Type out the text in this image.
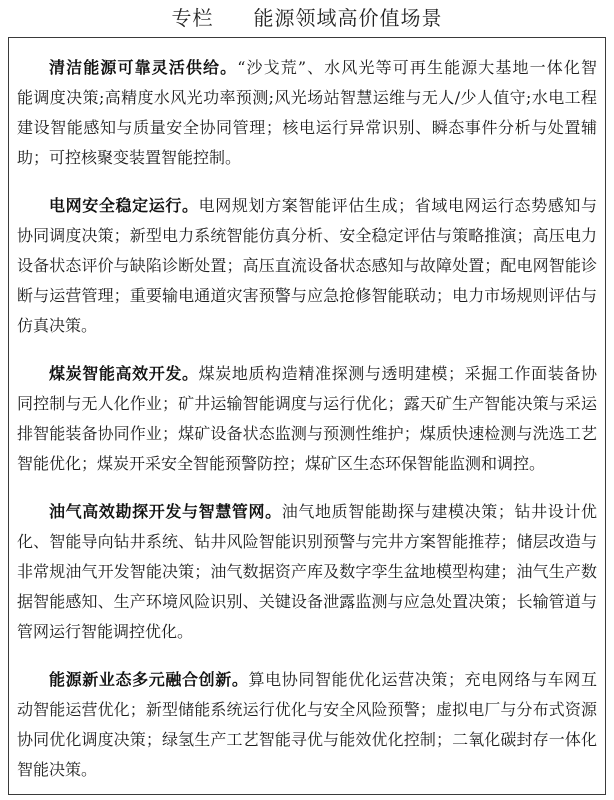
专栏 能源领域高价值场景
清洁能源可靠灵活供给。“沙戈荒”、水风光等可再生能源大基地一体化智
能调度决策;高精度水风光功率预测;风光场站智慧运维与无人/少人值守;水电工程
建设智能感知与质量安全协同管理；核电运行异常识别、瞬态事件分析与处置辅
助；可控核聚变装置智能控制。
电网安全稳定运行。电网规划方案智能评估生成；省域电网运行态势感知与
协同调度决策；新型电力系统智能仿真分析、安全稳定评估与策略推演；高压电力
设备状态评价与缺陷诊断处置；高压直流设备状态感知与故障处置；配电网智能诊
断与运营管理；重要输电通道灾害预警与应急抢修智能联动；电力市场规则评估与
仿真决策。
煤炭智能高效开发。煤炭地质构造精准探测与透明建模；采掘工作面装备协
同控制与无人化作业；矿井运输智能调度与运行优化；露天矿生产智能决策与采运
排智能装备协同作业；煤矿设备状态监测与预测性维护；煤质快速检测与洗选工艺
智能优化；煤炭开采安全智能预警防控；煤矿区生态环保智能监测和调控。
油气高效勘探开发与智慧管网。油气地质智能勘探与建模决策；钻井设计优
化、智能导向钻井系统、钻井风险智能识别预警与完井方案智能推荐；储层改造与
非常规油气开发智能决策；油气数据资产库及数字孪生盆地模型构建；油气生产数
据智能感知、生产环境风险识别、关键设备泄露监测与应急处置决策；长输管道与
管网运行智能调控优化。
能源新业态多元融合创新。算电协同智能优化运营决策；充电网络与车网互
动智能运营优化；新型储能系统运行优化与安全风险预警；虚拟电厂与分布式资源
协同优化调度决策；绿氢生产工艺智能寻优与能效优化控制；二氧化碳封存一体化
智能决策。
